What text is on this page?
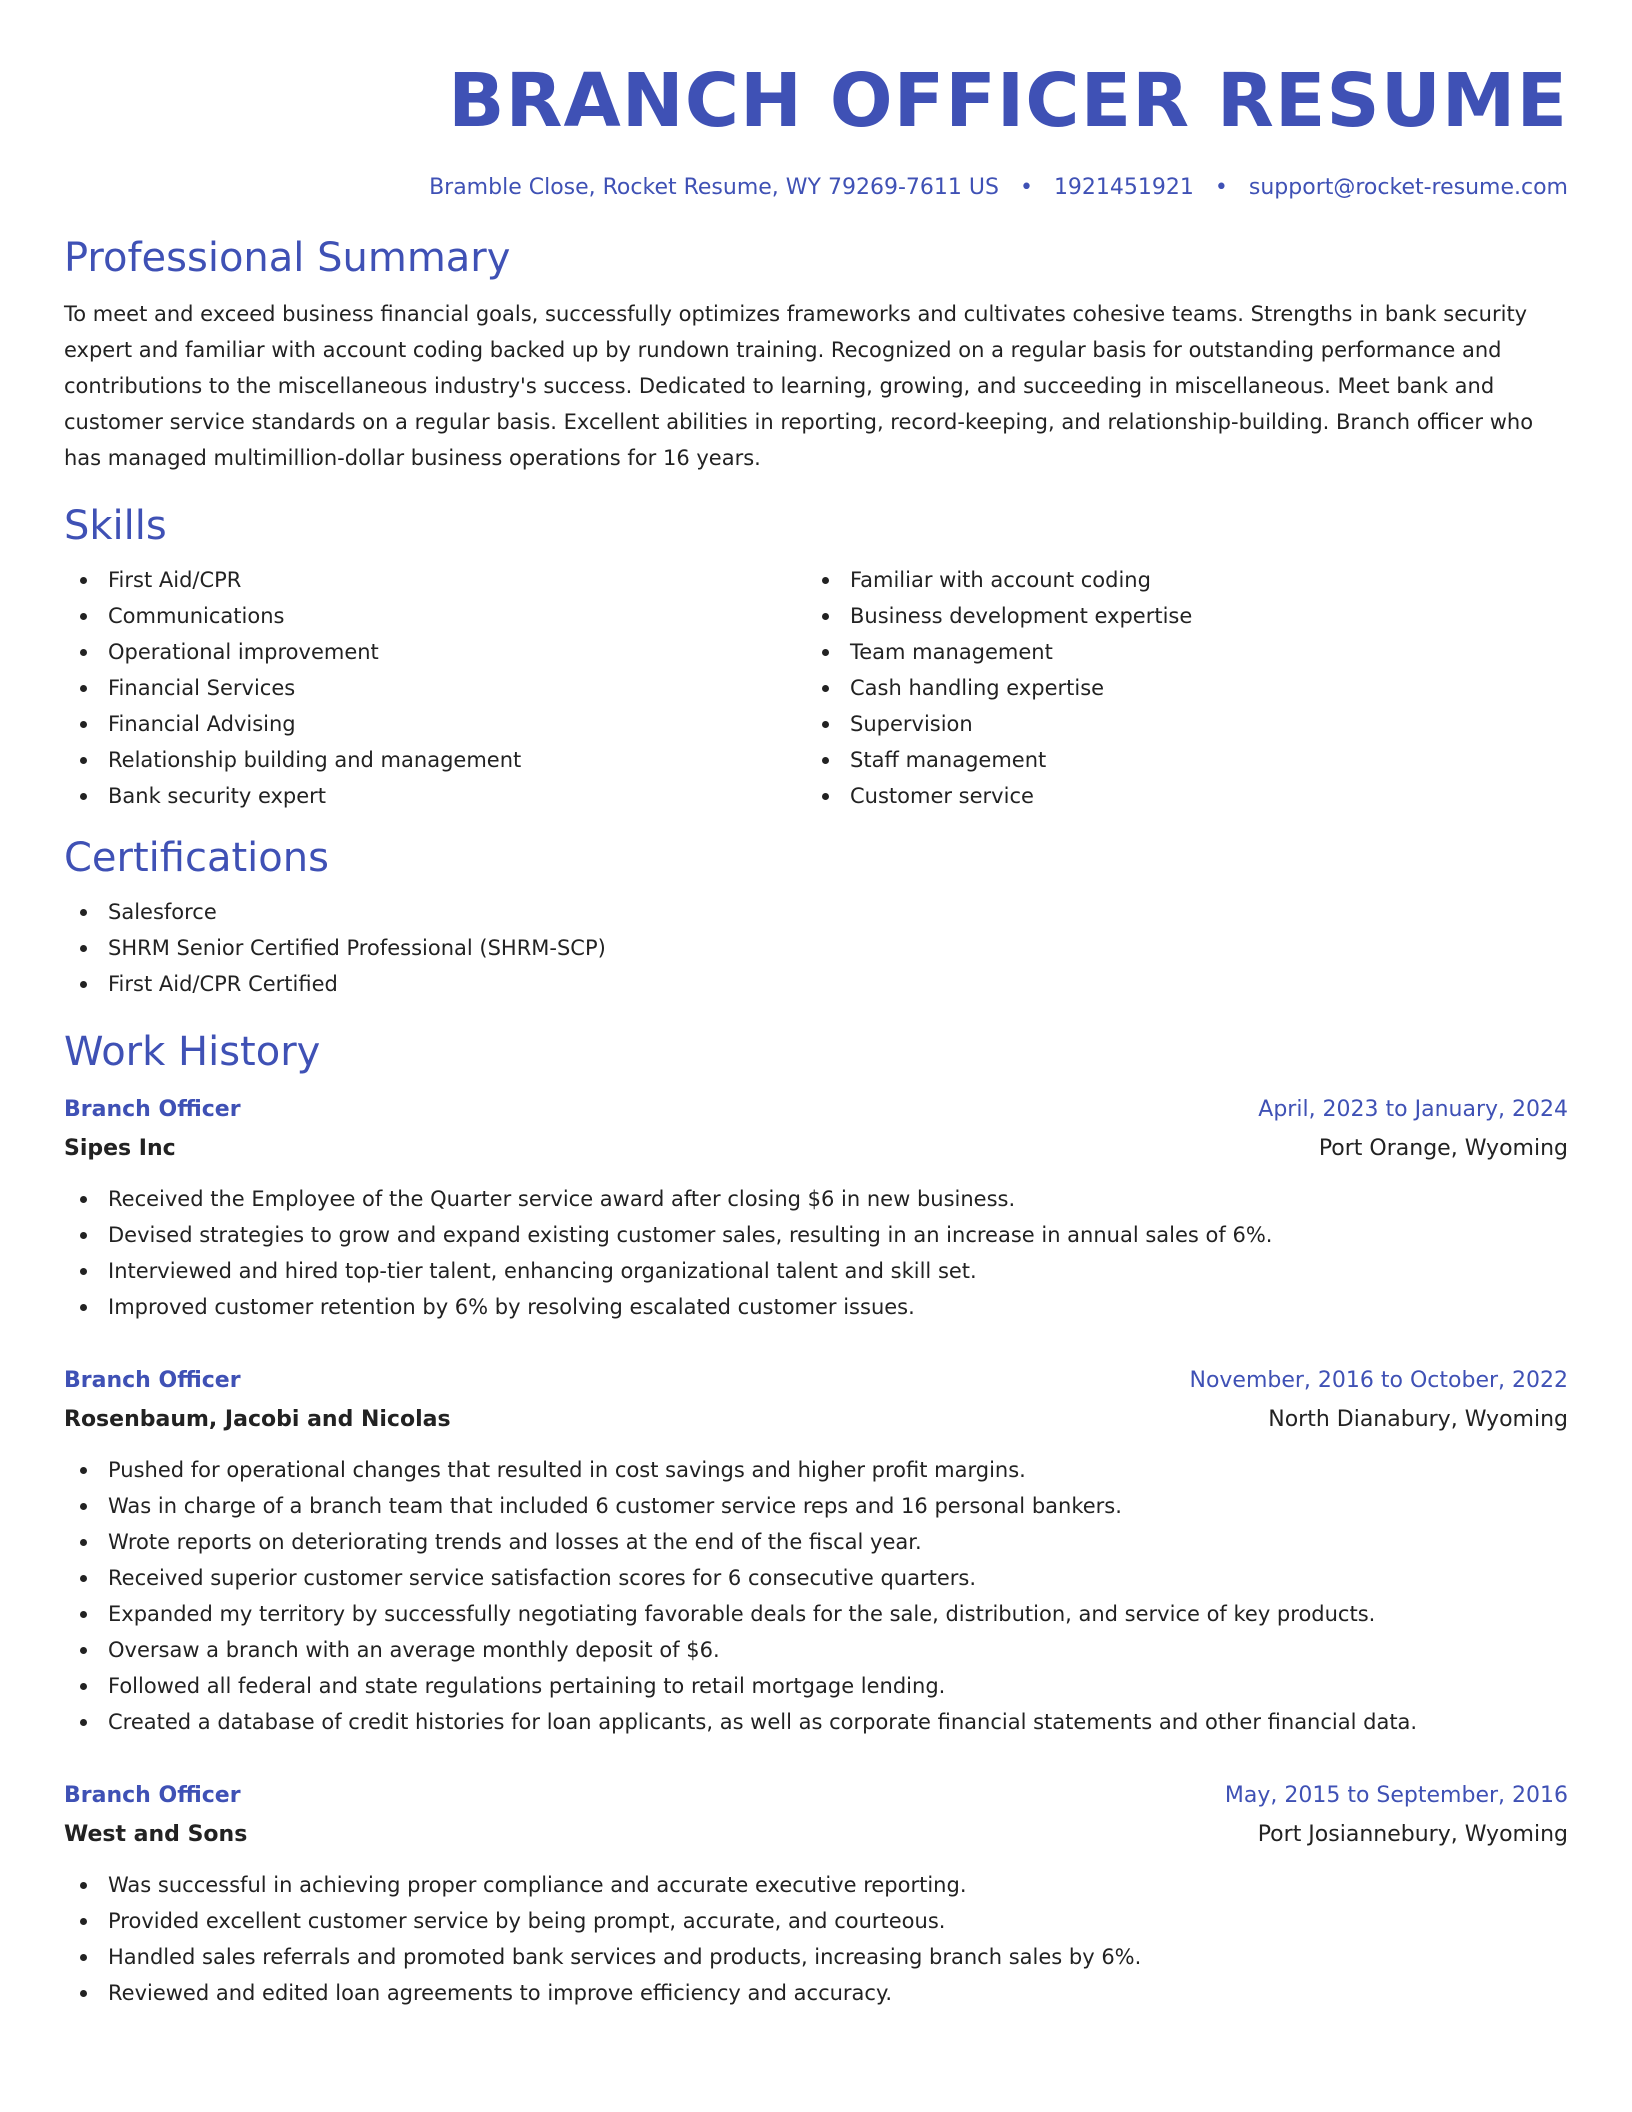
BRANCH OFFICER RESUME
Bramble Close, Rocket Resume, WY 79269-7611 US • 1921451921 • support@rocket-resume.com
Professional Summary

To meet and exceed business financial goals, successfully optimizes frameworks and cultivates cohesive teams. Strengths in bank security expert and familiar with account coding backed up by rundown training. Recognized on a regular basis for outstanding performance and contributions to the miscellaneous industry's success. Dedicated to learning, growing, and succeeding in miscellaneous. Meet bank and customer service standards on a regular basis. Excellent abilities in reporting, record-keeping, and relationship-building. Branch officer who has managed multimillion-dollar business operations for 16 years.

Skills
First Aid/CPR
Communications
Operational improvement
Financial Services
Financial Advising
Relationship building and management
Bank security expert
Familiar with account coding
Business development expertise
Team management
Cash handling expertise
Supervision
Staff management
Customer service
Certifications
Salesforce
SHRM Senior Certified Professional (SHRM-SCP)
First Aid/CPR Certified
Work History
Branch Officer	April, 2023 to January, 2024
Sipes Inc	Port Orange, Wyoming
Received the Employee of the Quarter service award after closing $6 in new business.
Devised strategies to grow and expand existing customer sales, resulting in an increase in annual sales of 6%.
Interviewed and hired top-tier talent, enhancing organizational talent and skill set.
Improved customer retention by 6% by resolving escalated customer issues.
Branch Officer	November, 2016 to October, 2022
Rosenbaum, Jacobi and Nicolas	North Dianabury, Wyoming
Pushed for operational changes that resulted in cost savings and higher profit margins.
Was in charge of a branch team that included 6 customer service reps and 16 personal bankers.
Wrote reports on deteriorating trends and losses at the end of the fiscal year.
Received superior customer service satisfaction scores for 6 consecutive quarters.
Expanded my territory by successfully negotiating favorable deals for the sale, distribution, and service of key products.
Oversaw a branch with an average monthly deposit of $6.
Followed all federal and state regulations pertaining to retail mortgage lending.
Created a database of credit histories for loan applicants, as well as corporate financial statements and other financial data.
Branch Officer	May, 2015 to September, 2016
West and Sons	Port Josiannebury, Wyoming
Was successful in achieving proper compliance and accurate executive reporting.
Provided excellent customer service by being prompt, accurate, and courteous.
Handled sales referrals and promoted bank services and products, increasing branch sales by 6%.
Reviewed and edited loan agreements to improve efficiency and accuracy.
